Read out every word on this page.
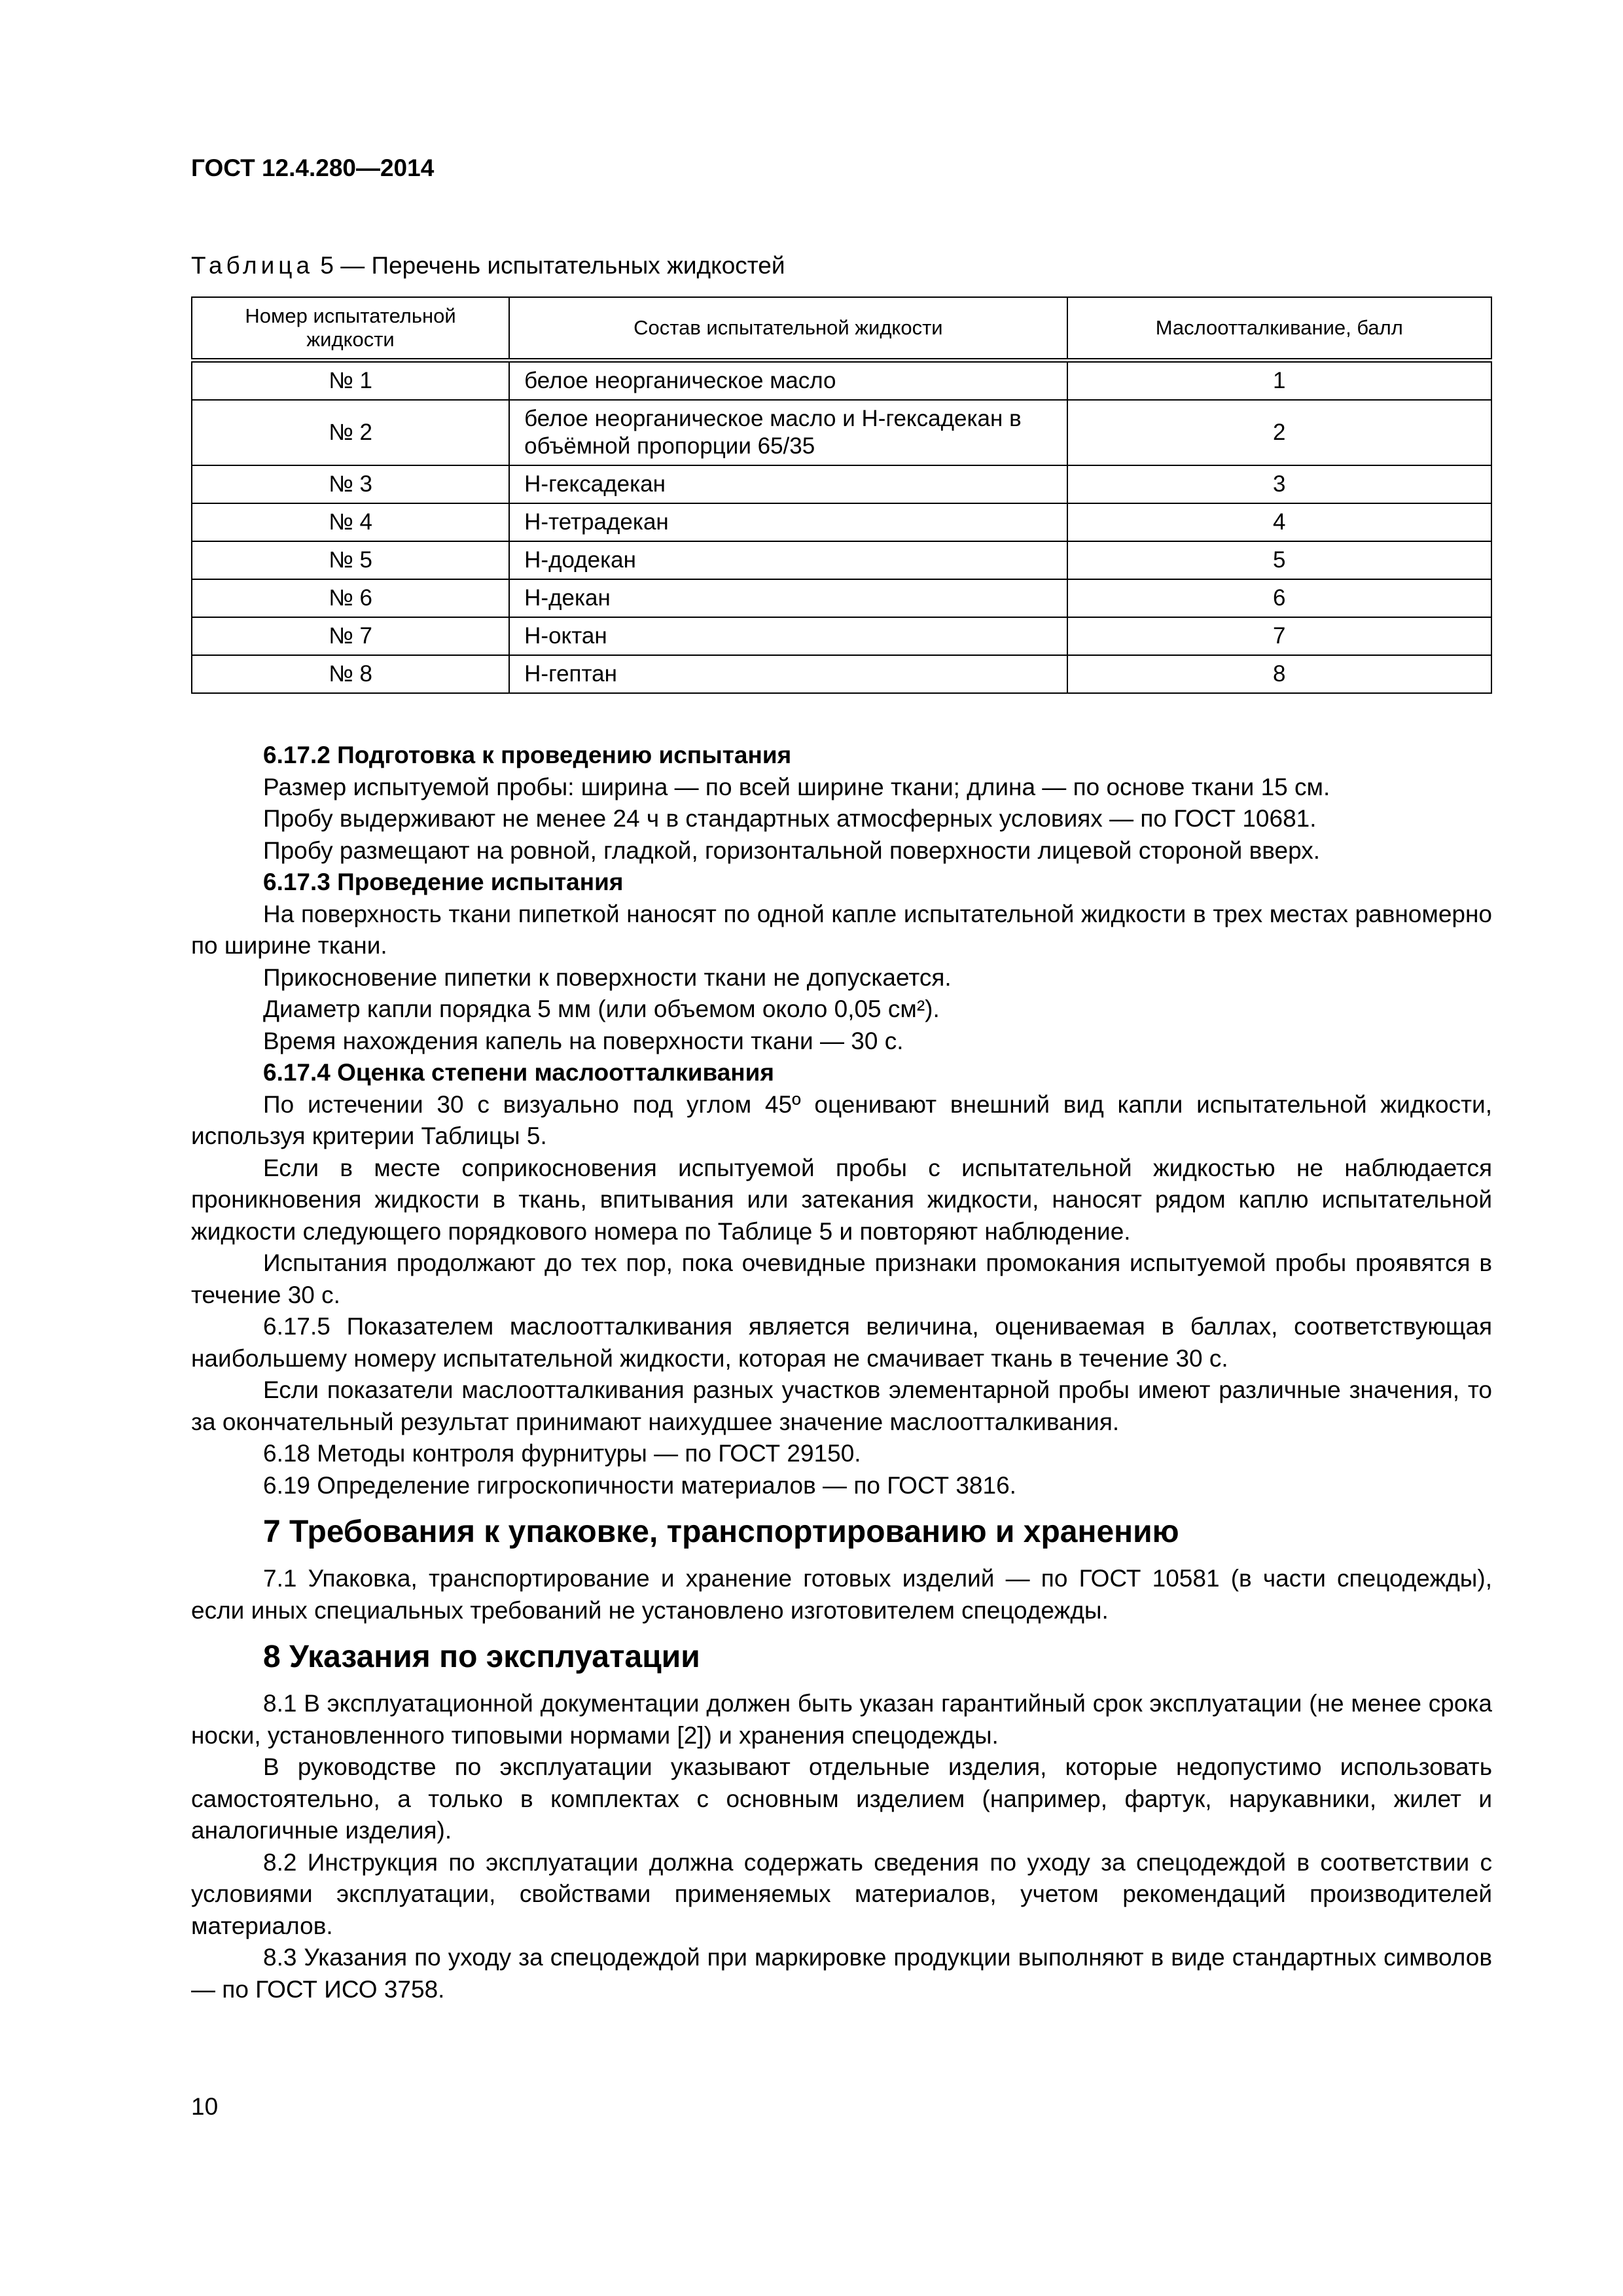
ГОСТ 12.4.280—2014
Таблица 5 — Перечень испытательных жидкостей
Номер испытательной жидкости	Состав испытательной жидкости	Маслоотталкивание, балл
№ 1	белое неорганическое масло	1
№ 2	белое неорганическое масло и Н-гексадекан в объёмной пропорции 65/35	2
№ 3	Н-гексадекан	3
№ 4	Н-тетрадекан	4
№ 5	Н-додекан	5
№ 6	Н-декан	6
№ 7	Н-октан	7
№ 8	Н-гептан	8

6.17.2 Подготовка к проведению испытания

Размер испытуемой пробы: ширина — по всей ширине ткани; длина — по основе ткани 15 см.

Пробу выдерживают не менее 24 ч в стандартных атмосферных условиях — по ГОСТ 10681.

Пробу размещают на ровной, гладкой, горизонтальной поверхности лицевой стороной вверх.

6.17.3 Проведение испытания

На поверхность ткани пипеткой наносят по одной капле испытательной жидкости в трех местах равномерно по ширине ткани.

Прикосновение пипетки к поверхности ткани не допускается.

Диаметр капли порядка 5 мм (или объемом около 0,05 см²).

Время нахождения капель на поверхности ткани — 30 с.

6.17.4 Оценка степени маслоотталкивания

По истечении 30 с визуально под углом 45º оценивают внешний вид капли испытательной жидкости, используя критерии Таблицы 5.

Если в месте соприкосновения испытуемой пробы с испытательной жидкостью не наблюдается проникновения жидкости в ткань, впитывания или затекания жидкости, наносят рядом каплю испытательной жидкости следующего порядкового номера по Таблице 5 и повторяют наблюдение.

Испытания продолжают до тех пор, пока очевидные признаки промокания испытуемой пробы проявятся в течение 30 с.

6.17.5 Показателем маслоотталкивания является величина, оцениваемая в баллах, соответствующая наибольшему номеру испытательной жидкости, которая не смачивает ткань в течение 30 с.

Если показатели маслоотталкивания разных участков элементарной пробы имеют различные значения, то за окончательный результат принимают наихудшее значение маслоотталкивания.

6.18 Методы контроля фурнитуры — по ГОСТ 29150.

6.19 Определение гигроскопичности материалов — по ГОСТ 3816.

7 Требования к упаковке, транспортированию и хранению

7.1 Упаковка, транспортирование и хранение готовых изделий — по ГОСТ 10581 (в части спецодежды), если иных специальных требований не установлено изготовителем спецодежды.

8 Указания по эксплуатации

8.1 В эксплуатационной документации должен быть указан гарантийный срок эксплуатации (не менее срока носки, установленного типовыми нормами [2]) и хранения спецодежды.

В руководстве по эксплуатации указывают отдельные изделия, которые недопустимо использовать самостоятельно, а только в комплектах с основным изделием (например, фартук, нарукавники, жилет и аналогичные изделия).

8.2 Инструкция по эксплуатации должна содержать сведения по уходу за спецодеждой в соответствии с условиями эксплуатации, свойствами применяемых материалов, учетом рекомендаций производителей материалов.

8.3 Указания по уходу за спецодеждой при маркировке продукции выполняют в виде стандартных символов — по ГОСТ ИСО 3758.

10
